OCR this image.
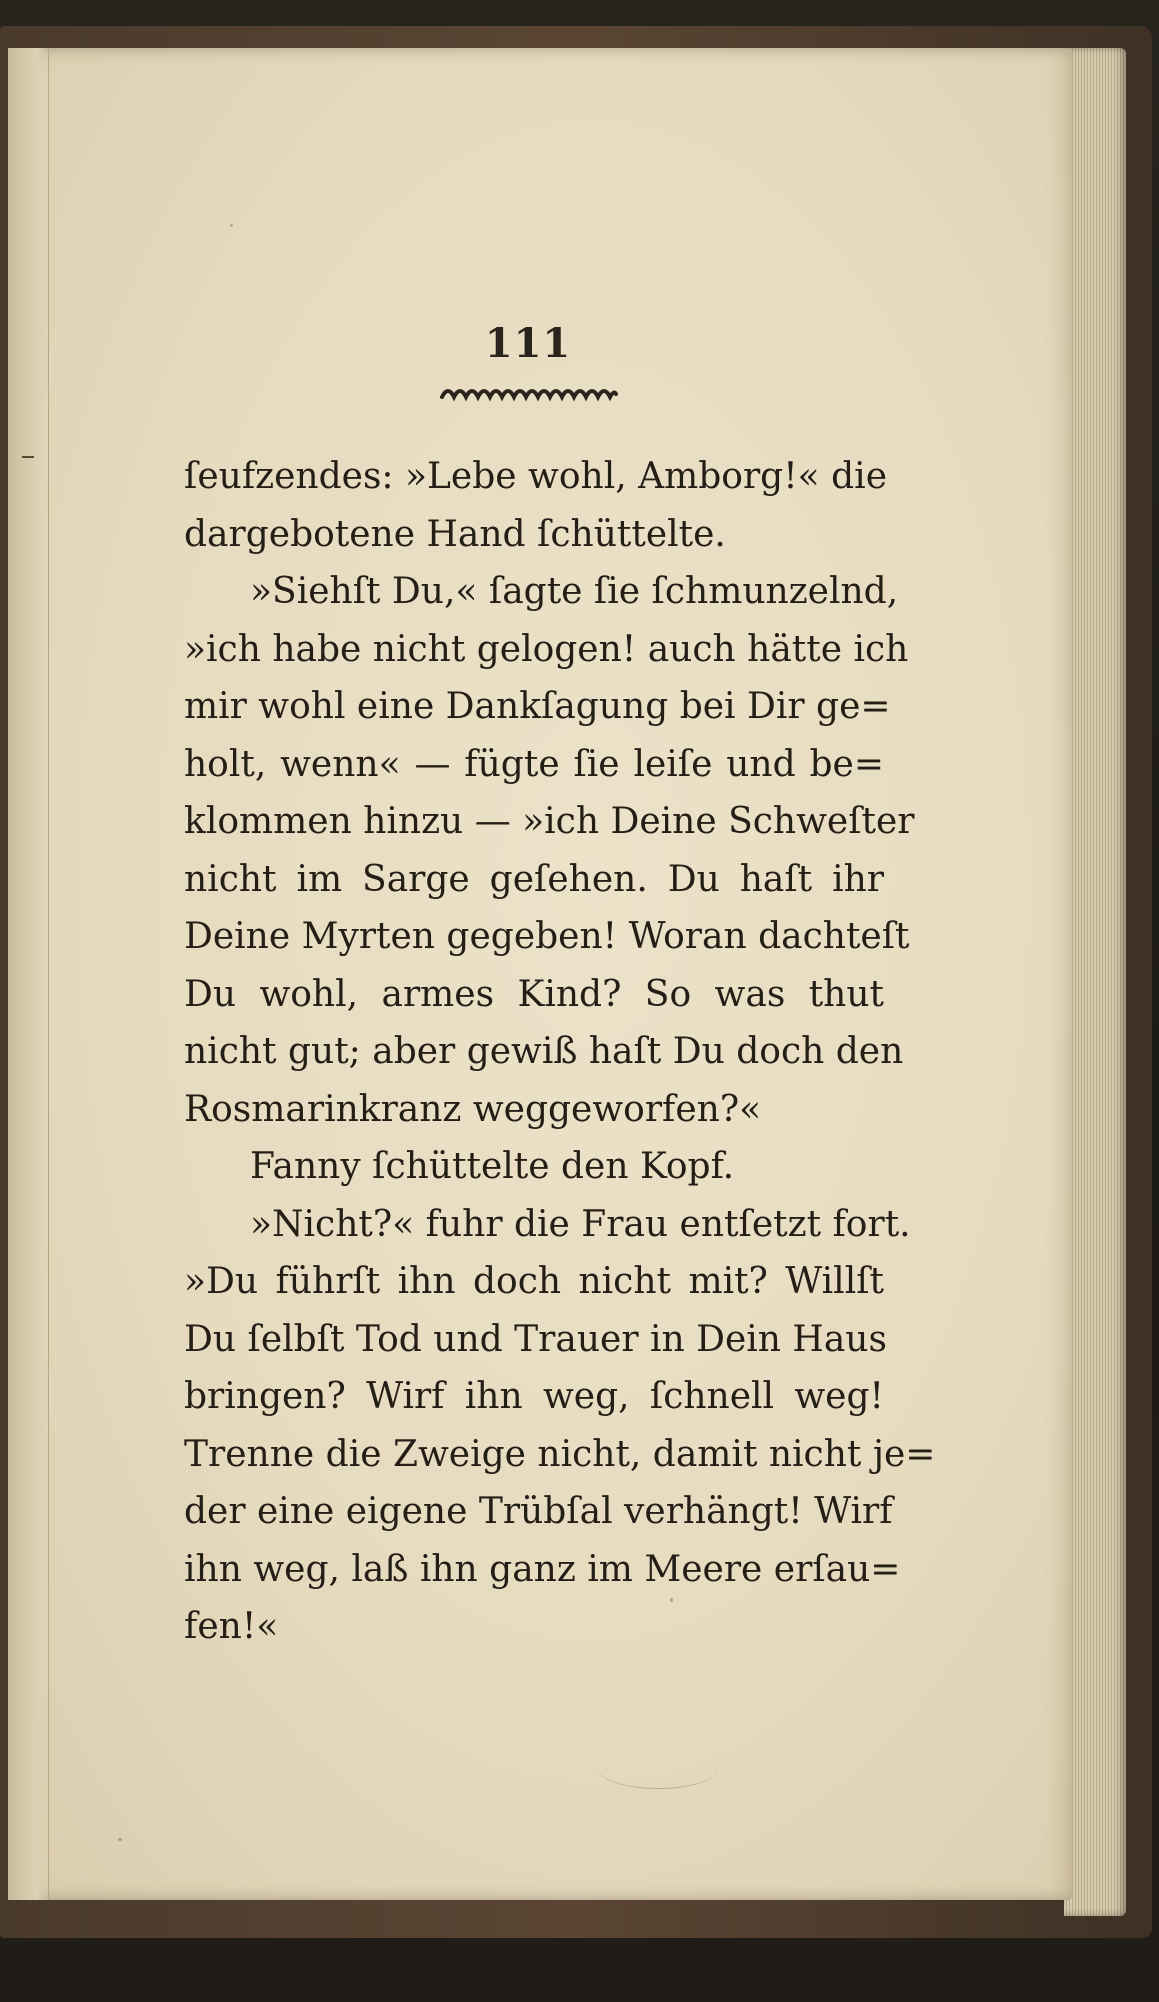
111
ſeufzendes: »Lebe wohl, Amborg!« die
dargebotene Hand ſchüttelte.
»Siehſt Du,« ſagte ſie ſchmunzelnd,
»ich habe nicht gelogen! auch hätte ich
mir wohl eine Dankſagung bei Dir ge=
holt, wenn« — fügte ſie leiſe und be=
klommen hinzu — »ich Deine Schweſter
nicht im Sarge geſehen. Du haſt ihr
Deine Myrten gegeben! Woran dachteſt
Du wohl, armes Kind? So was thut
nicht gut; aber gewiß haſt Du doch den
Rosmarinkranz weggeworfen?«
Fanny ſchüttelte den Kopf.
»Nicht?« fuhr die Frau entſetzt fort.
»Du führſt ihn doch nicht mit? Willſt
Du ſelbſt Tod und Trauer in Dein Haus
bringen? Wirf ihn weg, ſchnell weg!
Trenne die Zweige nicht, damit nicht je=
der eine eigene Trübſal verhängt! Wirf
ihn weg, laß ihn ganz im Meere erſau=
fen!«
